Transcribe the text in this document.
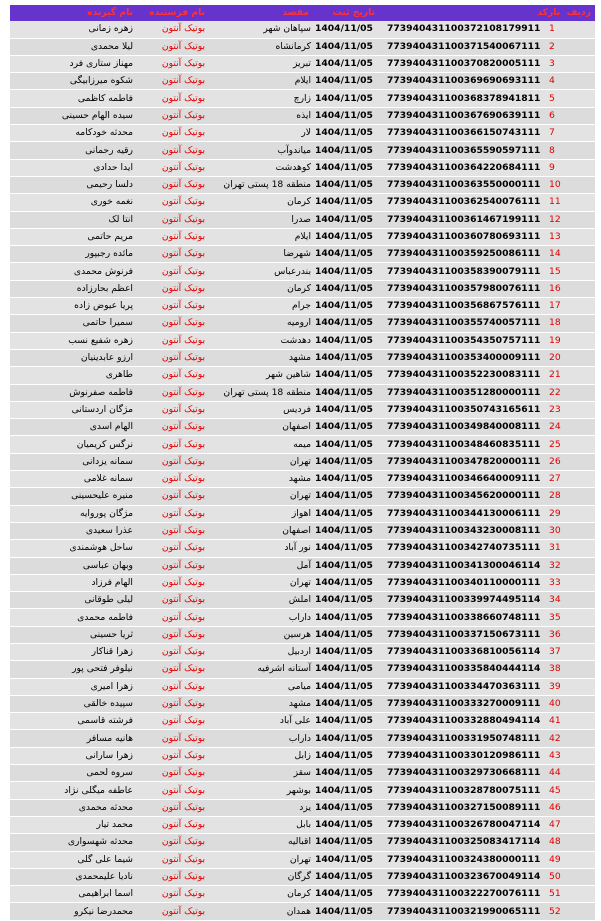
ردیف  بارکد		تاریخ ثبت	مقصد	نام فرستنده	نام گیرنده
1	773940431100372108179911	1404/11/05	سپاهان شهر	بوتیک آنتون	زهره زمانی
2	773940431100371540067111	1404/11/05	کرمانشاه	بوتیک آنتون	لیلا محمدی
3	773940431100370820005111	1404/11/05	تبریز	بوتیک آنتون	مهناز ستاری فرد
4	773940431100369690693111	1404/11/05	ایلام	بوتیک آنتون	شکوه میرزابیگی
5	773940431100368378941811	1404/11/05	زارچ	بوتیک آنتون	فاطمه کاظمی
6	773940431100367690639111	1404/11/05	ایذه	بوتیک آنتون	سیده الهام حسینی
7	773940431100366150743111	1404/11/05	لار	بوتیک آنتون	محدثه خودکامه
8	773940431100365590597111	1404/11/05	میاندوآب	بوتیک آنتون	رقیه رحمانی
9	773940431100364220684111	1404/11/05	کوهدشت	بوتیک آنتون	ایدا حدادی
10	773940431100363550000111	1404/11/05	منطقه 18 پستی تهران	بوتیک آنتون	دلسا رحیمی
11	773940431100362540076111	1404/11/05	کرمان	بوتیک آنتون	نغمه خوری
12	773940431100361467199111	1404/11/05	صدرا	بوتیک آنتون	انتا لک
13	773940431100360780693111	1404/11/05	ایلام	بوتیک آنتون	مریم حاتمی
14	773940431100359250086111	1404/11/05	شهرضا	بوتیک آنتون	مائده رجبپور
15	773940431100358390079111	1404/11/05	بندرعباس	بوتیک آنتون	فرنوش محمدی
16	773940431100357980076111	1404/11/05	کرمان	بوتیک آنتون	اعظم بحارزاده
17	773940431100356867576111	1404/11/05	جرام	بوتیک آنتون	پریا عیوض زاده
18	773940431100355740057111	1404/11/05	ارومیه	بوتیک آنتون	سمیرا حاتمی
19	773940431100354350757111	1404/11/05	دهدشت	بوتیک آنتون	زهره شفیع نسب
20	773940431100353400009111	1404/11/05	مشهد	بوتیک آنتون	ارزو عابدینیان
21	773940431100352230083111	1404/11/05	شاهین شهر	بوتیک آنتون	طاهری
22	773940431100351280000111	1404/11/05	منطقه 18 پستی تهران	بوتیک آنتون	فاطمه صفرنوش
23	773940431100350743165611	1404/11/05	فردیس	بوتیک آنتون	مژگان اردستانی
24	773940431100349840008111	1404/11/05	اصفهان	بوتیک آنتون	الهام اسدی
25	773940431100348460835111	1404/11/05	میمه	بوتیک آنتون	نرگس کریمیان
26	773940431100347820000111	1404/11/05	تهران	بوتیک آنتون	سمانه یزدانی
27	773940431100346640009111	1404/11/05	مشهد	بوتیک آنتون	سمانه غلامی
28	773940431100345620000111	1404/11/05	تهران	بوتیک آنتون	منیره علیحسینی
29	773940431100344130006111	1404/11/05	اهواز	بوتیک آنتون	مژگان پوروایه
30	773940431100343230008111	1404/11/05	اصفهان	بوتیک آنتون	عذرا سعیدی
31	773940431100342740735111	1404/11/05	نور آباد	بوتیک آنتون	ساحل هوشمندی
32	773940431100341300046114	1404/11/05	آمل	بوتیک آنتون	وبهان عباسی
33	773940431100340110000111	1404/11/05	تهران	بوتیک آنتون	الهام فرزاد
34	773940431100339974495114	1404/11/05	املش	بوتیک آنتون	لیلی طوقانی
35	773940431100338660748111	1404/11/05	داراب	بوتیک آنتون	فاطمه محمدی
36	773940431100337150673111	1404/11/05	هرسین	بوتیک آنتون	ثریا حسینی
37	773940431100336810056114	1404/11/05	اردبیل	بوتیک آنتون	زهرا قناکار
38	773940431100335840444114	1404/11/05	آستانه اشرفیه	بوتیک آنتون	نیلوفر فتحی پور
39	773940431100334470363111	1404/11/05	میامی	بوتیک آنتون	زهرا امیری
40	773940431100333270009111	1404/11/05	مشهد	بوتیک آنتون	سپیده خالقی
41	773940431100332880494114	1404/11/05	علی آباد	بوتیک آنتون	فرشته قاسمی
42	773940431100331950748111	1404/11/05	داراب	بوتیک آنتون	هانیه مسافر
43	773940431100330120986111	1404/11/05	زابل	بوتیک آنتون	زهرا سارانی
44	773940431100329730668111	1404/11/05	سقز	بوتیک آنتون	سروه لحمی
45	773940431100328780075111	1404/11/05	بوشهر	بوتیک آنتون	عاطفه میگلی نژاد
46	773940431100327150089111	1404/11/05	یزد	بوتیک آنتون	محدثه محمدی
47	773940431100326780047114	1404/11/05	بابل	بوتیک آنتون	محمد تیار
48	773940431100325083417114	1404/11/05	اقبالیه	بوتیک آنتون	محدثه شهسواری
49	773940431100324380000111	1404/11/05	تهران	بوتیک آنتون	شیما علی گلی
50	773940431100323670049114	1404/11/05	گرگان	بوتیک آنتون	نادیا علیمحمدی
51	773940431100322270076111	1404/11/05	کرمان	بوتیک آنتون	اسما ابراهیمی
52	773940431100321990065111	1404/11/05	همدان	بوتیک آنتون	محمدرضا نیکرو
